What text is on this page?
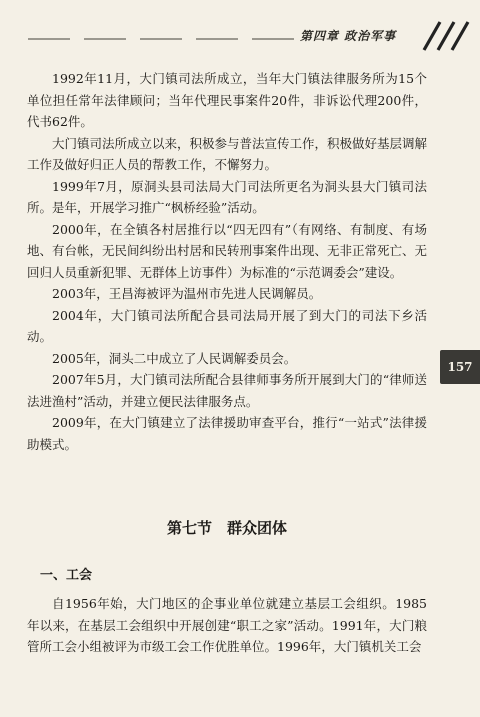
第四章 政治军事
157

1992年11月，大门镇司法所成立，当年大门镇法律服务所为15个单位担任常年法律顾问；当年代理民事案件20件，非诉讼代理200件，代书62件。

大门镇司法所成立以来，积极参与普法宣传工作，积极做好基层调解工作及做好归正人员的帮教工作，不懈努力。

1999年7月，原洞头县司法局大门司法所更名为洞头县大门镇司法所。是年，开展学习推广“枫桥经验”活动。

2000年，在全镇各村居推行以“四无四有”（有网络、有制度、有场地、有台帐，无民间纠纷出村居和民转刑事案件出现、无非正常死亡、无回归人员重新犯罪、无群体上访事件）为标准的“示范调委会”建设。

2003年，王昌海被评为温州市先进人民调解员。

2004年，大门镇司法所配合县司法局开展了到大门的司法下乡活动。

2005年，洞头二中成立了人民调解委员会。

2007年5月，大门镇司法所配合县律师事务所开展到大门的“律师送法进渔村”活动，并建立便民法律服务点。

2009年，在大门镇建立了法律援助审查平台，推行“一站式”法律援助模式。

第七节　群众团体
一、工会

自1956年始，大门地区的企事业单位就建立基层工会组织。1985年以来，在基层工会组织中开展创建“职工之家”活动。1991年，大门粮管所工会小组被评为市级工会工作优胜单位。1996年，大门镇机关工会
